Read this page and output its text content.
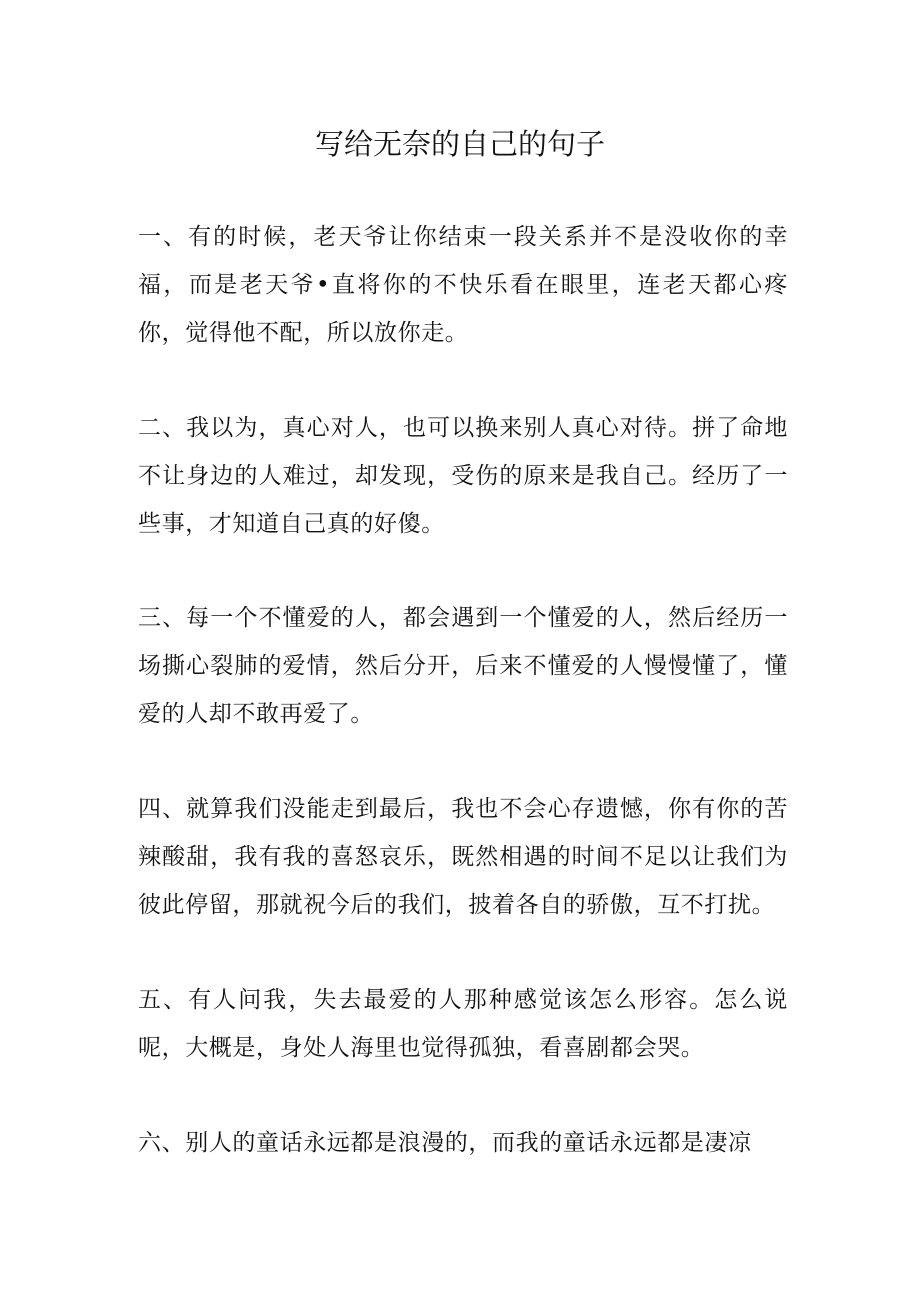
写给无奈的自己的句子

一、有的时候，老天爷让你结束一段关系并不是没收你的幸福，而是老天爷•直将你的不快乐看在眼里，连老天都心疼你，觉得他不配，所以放你走。

二、我以为，真心对人，也可以换来别人真心对待。拼了命地不让身边的人难过，却发现，受伤的原来是我自己。经历了一些事，才知道自己真的好傻。

三、每一个不懂爱的人，都会遇到一个懂爱的人，然后经历一场撕心裂肺的爱情，然后分开，后来不懂爱的人慢慢懂了，懂爱的人却不敢再爱了。

四、就算我们没能走到最后，我也不会心存遗憾，你有你的苦辣酸甜，我有我的喜怒哀乐，既然相遇的时间不足以让我们为彼此停留，那就祝今后的我们，披着各自的骄傲，互不打扰。

五、有人问我，失去最爱的人那种感觉该怎么形容。怎么说呢，大概是，身处人海里也觉得孤独，看喜剧都会哭。

六、别人的童话永远都是浪漫的，而我的童话永远都是凄凉
